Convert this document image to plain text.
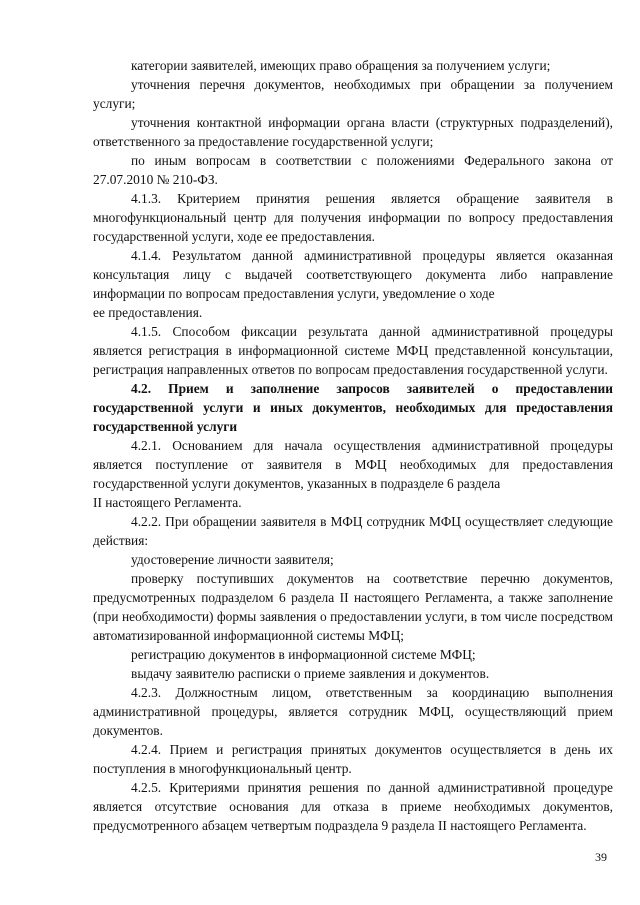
категории заявителей, имеющих право обращения за получением услуги;

уточнения перечня документов, необходимых при обращении за получением услуги;

уточнения контактной информации органа власти (структурных подразделений), ответственного за предоставление государственной услуги;

по иным вопросам в соответствии с положениями Федерального закона от 27.07.2010 № 210-ФЗ.

4.1.3. Критерием принятия решения является обращение заявителя в многофункциональный центр для получения информации по вопросу предоставления государственной услуги, ходе ее предоставления.

4.1.4. Результатом данной административной процедуры является оказанная консультация лицу с выдачей соответствующего документа либо направление информации по вопросам предоставления услуги, уведомление о ходе

ее предоставления.

4.1.5. Способом фиксации результата данной административной процедуры является регистрация в информационной системе МФЦ представленной консультации, регистрация направленных ответов по вопросам предоставления государственной услуги.

4.2. Прием и заполнение запросов заявителей о предоставлении государственной услуги и иных документов, необходимых для предоставления государственной услуги

4.2.1. Основанием для начала осуществления административной процедуры является поступление от заявителя в МФЦ необходимых для предоставления государственной услуги документов, указанных в подразделе 6 раздела

II настоящего Регламента.

4.2.2. При обращении заявителя в МФЦ сотрудник МФЦ осуществляет следующие действия:

удостоверение личности заявителя;

проверку поступивших документов на соответствие перечню документов, предусмотренных подразделом 6 раздела II настоящего Регламента, а также заполнение (при необходимости) формы заявления о предоставлении услуги, в том числе посредством автоматизированной информационной системы МФЦ;

регистрацию документов в информационной системе МФЦ;

выдачу заявителю расписки о приеме заявления и документов.

4.2.3. Должностным лицом, ответственным за координацию выполнения административной процедуры, является сотрудник МФЦ, осуществляющий прием документов.

4.2.4. Прием и регистрация принятых документов осуществляется в день их поступления в многофункциональный центр.

4.2.5. Критериями принятия решения по данной административной процедуре является отсутствие основания для отказа в приеме необходимых документов, предусмотренного абзацем четвертым подраздела 9 раздела II настоящего Регламента.

39
